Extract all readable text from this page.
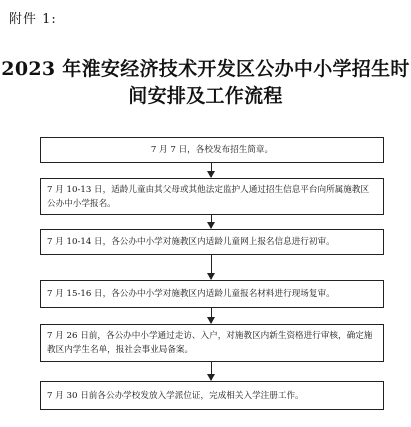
附件 1:
2023 年淮安经济技术开发区公办中小学招生时
间安排及工作流程
7 月 7 日，各校发布招生简章。
7 月 10-13 日，适龄儿童由其父母或其他法定监护人通过招生信息平台向所属施教区公办中小学报名。
7 月 10-14 日，各公办中小学对施教区内适龄儿童网上报名信息进行初审。
7 月 15-16 日，各公办中小学对施教区内适龄儿童报名材料进行现场复审。
7 月 26 日前，各公办中小学通过走访、入户，对施教区内新生资格进行审核，确定施教区内学生名单，报社会事业局备案。
7 月 30 日前各公办学校发放入学派位证，完成相关入学注册工作。
